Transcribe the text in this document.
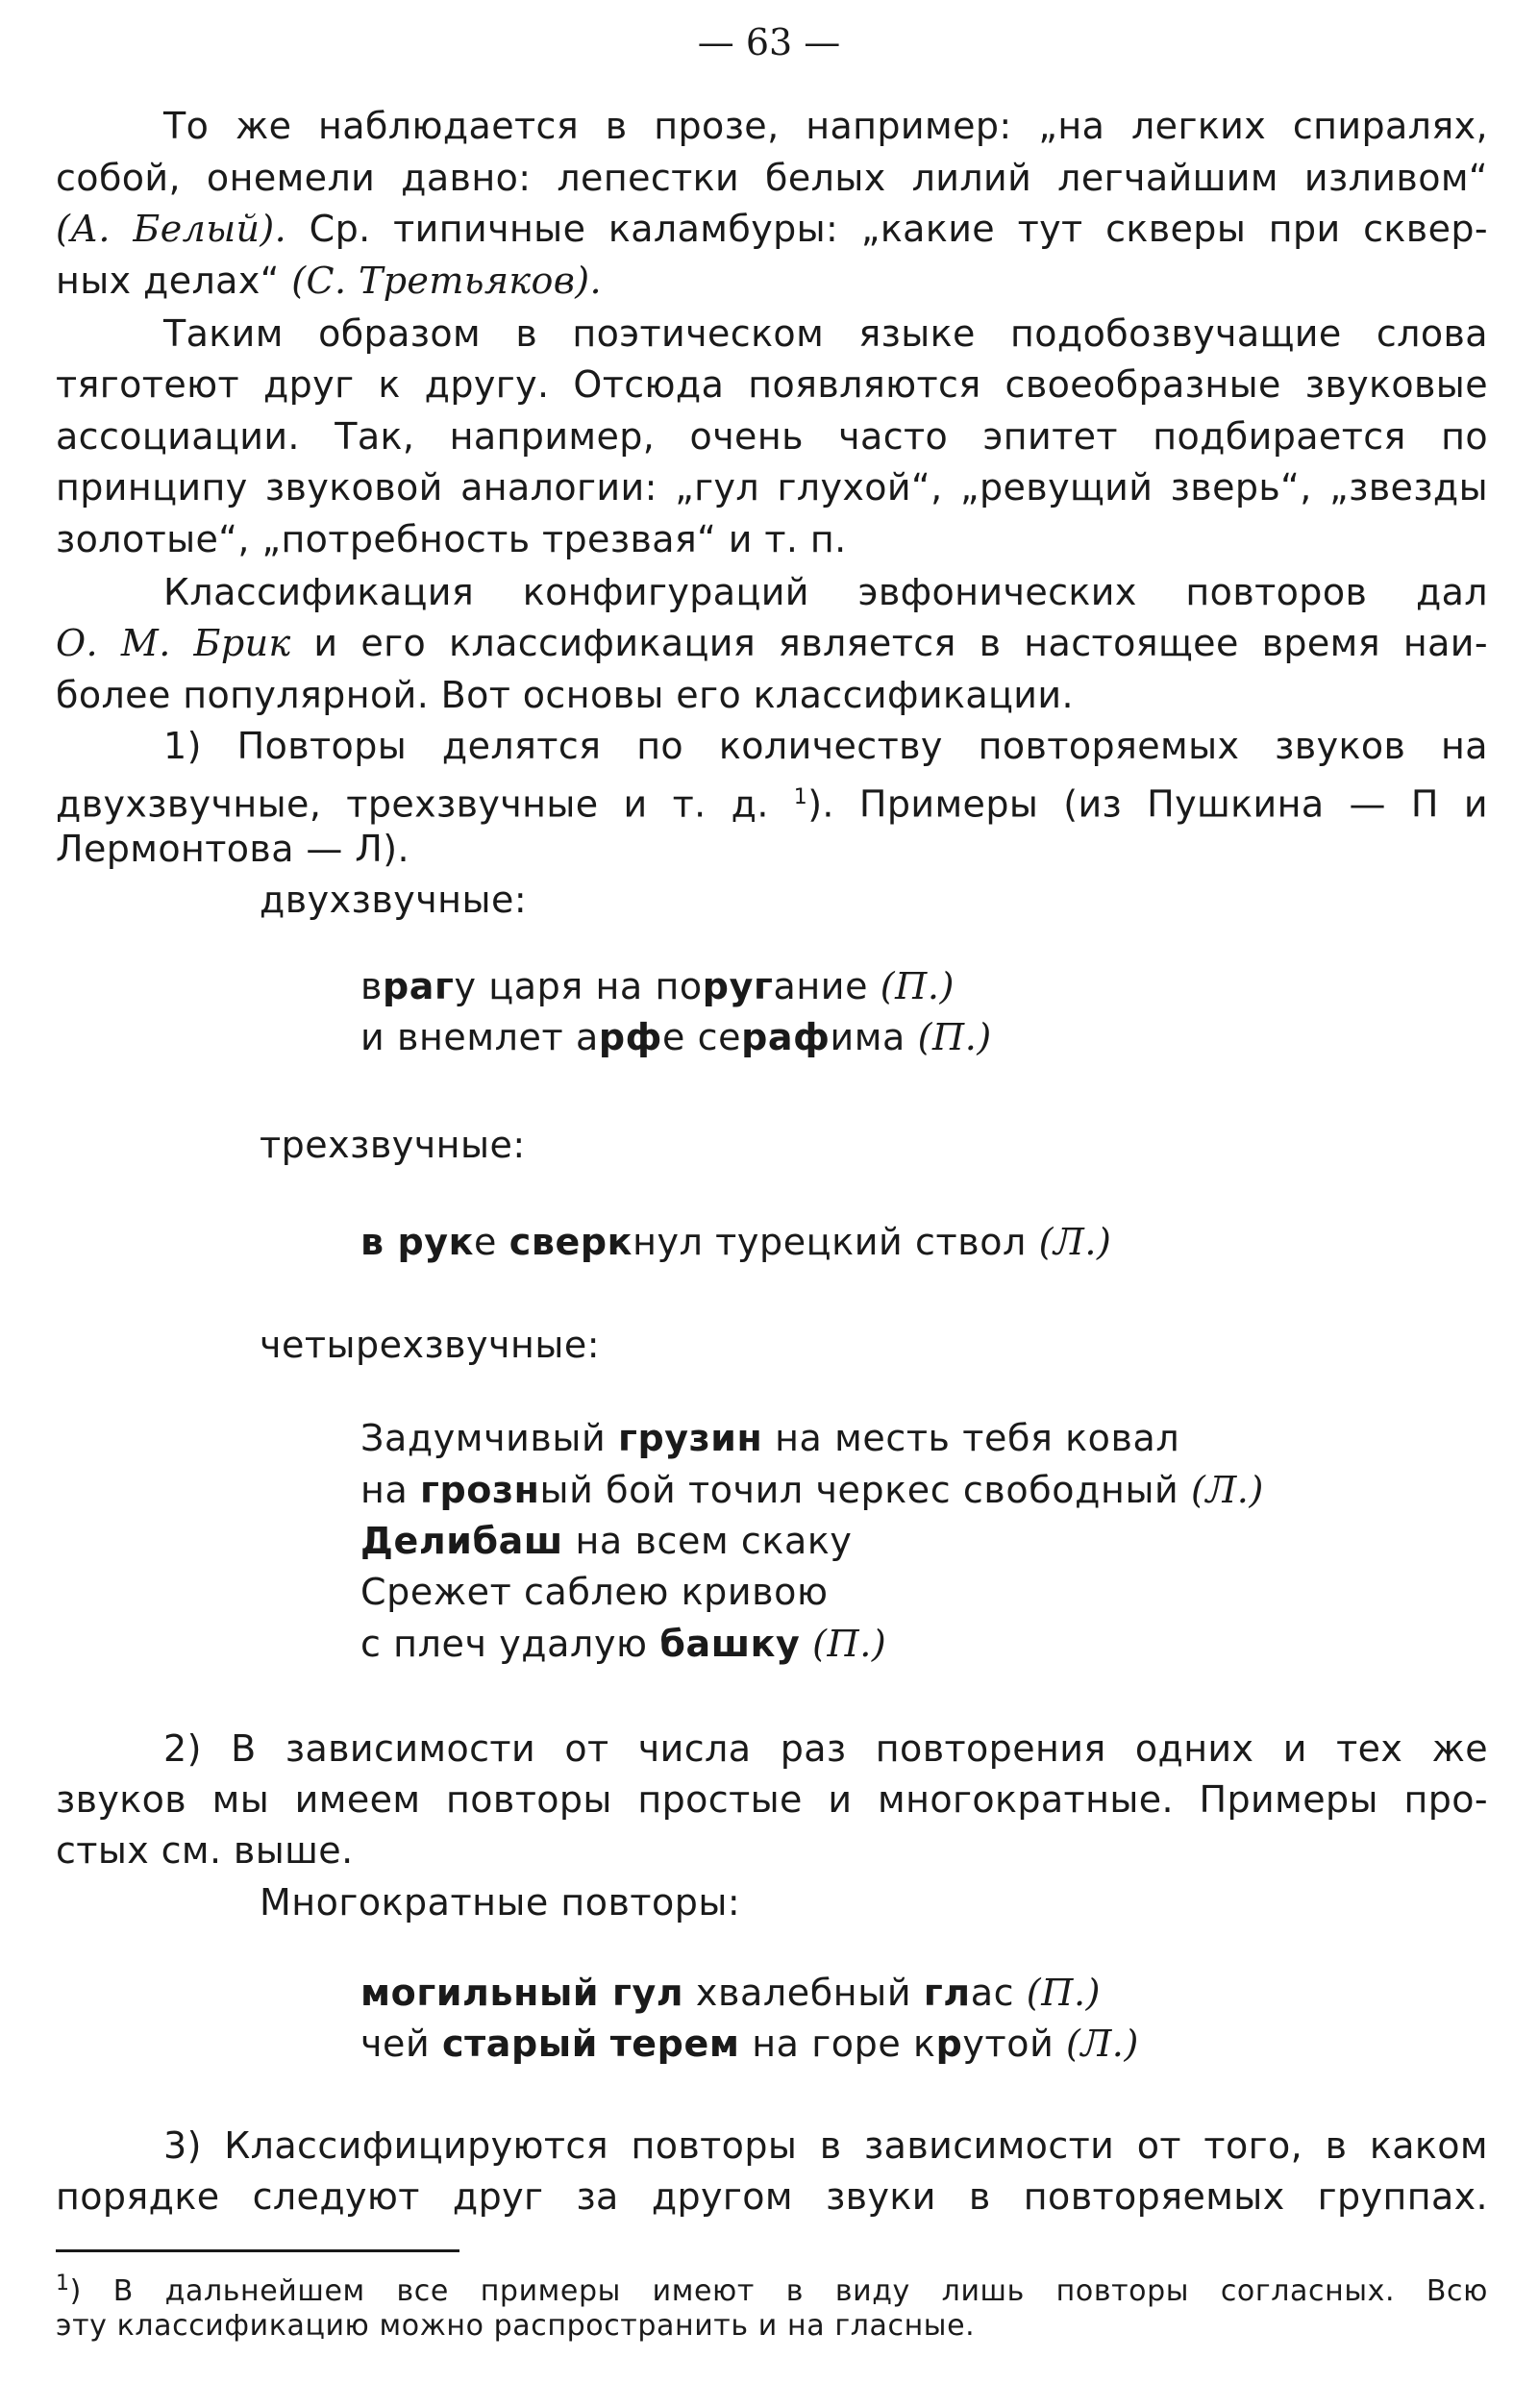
— 63 —

То же наблюдается в прозе, например: „на легких спиралях,

собой, онемели давно: лепестки белых лилий легчайшим изливом“

(А. Белый). Ср. типичные каламбуры: „какие тут скверы при сквер-

ных делах“ (С. Третьяков).

Таким образом в поэтическом языке подобозвучащие слова

тяготеют друг к другу. Отсюда появляются своеобразные звуковые

ассоциации. Так, например, очень часто эпитет подбирается по

принципу звуковой аналогии: „гул глухой“, „ревущий зверь“, „звезды

золотые“, „потребность трезвая“ и т. п.

Классификация конфигураций эвфонических повторов дал

О. М. Брик и его классификация является в настоящее время наи-

более популярной. Вот основы его классификации.

1) Повторы делятся по количеству повторяемых звуков на

двухзвучные, трехзвучные и т. д. $^1$). Примеры (из Пушкина — П и

Лермонтова — Л).

двухзвучные:

врагу царя на поругание (П.)

и внемлет арфе серафима (П.)

трехзвучные:

в руке сверкнул турецкий ствол (Л.)

четырехзвучные:

Задумчивый грузин на месть тебя ковал

на грозный бой точил черкес свободный (Л.)

Делибаш на всем скаку

Срежет саблею кривою

с плеч удалую башку (П.)

2) В зависимости от числа раз повторения одних и тех же

звуков мы имеем повторы простые и многократные. Примеры про-

стых см. выше.

Многократные повторы:

могильный гул хвалебный глас (П.)

чей старый терем на горе крутой (Л.)

3) Классифицируются повторы в зависимости от того, в каком

порядке следуют друг за другом звуки в повторяемых группах.

$^1$) В дальнейшем все примеры имеют в виду лишь повторы согласных. Всю

эту классификацию можно распространить и на гласные.
